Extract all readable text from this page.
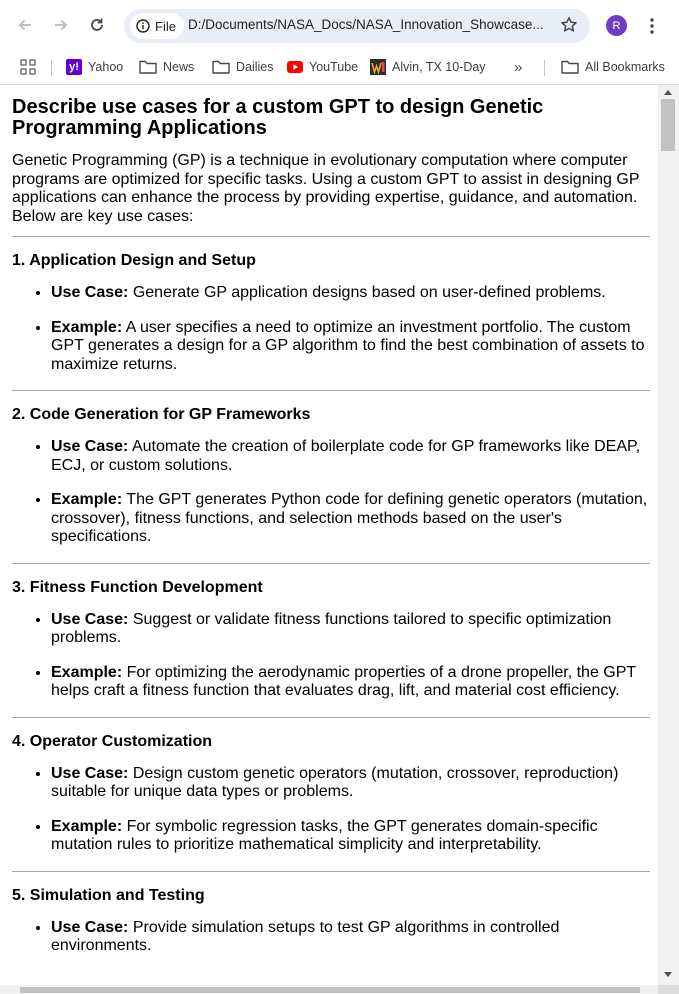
File D:/Documents/NASA_Docs/NASA_Innovation_Showcase...	R
y! Yahoo	News	Dailies	YouTube	Alvin, TX 10-Day »	All Bookmarks
Describe use cases for a custom GPT to design Genetic Programming Applications

Genetic Programming (GP) is a technique in evolutionary computation where computer programs are optimized for specific tasks. Using a custom GPT to assist in designing GP applications can enhance the process by providing expertise, guidance, and automation. Below are key use cases:

1. Application Design and Setup
• Use Case: Generate GP application designs based on user-defined problems.
• Example: A user specifies a need to optimize an investment portfolio. The custom GPT generates a design for a GP algorithm to find the best combination of assets to maximize returns.
2. Code Generation for GP Frameworks
• Use Case: Automate the creation of boilerplate code for GP frameworks like DEAP, ECJ, or custom solutions.
• Example: The GPT generates Python code for defining genetic operators (mutation, crossover), fitness functions, and selection methods based on the user's specifications.
3. Fitness Function Development
• Use Case: Suggest or validate fitness functions tailored to specific optimization problems.
• Example: For optimizing the aerodynamic properties of a drone propeller, the GPT helps craft a fitness function that evaluates drag, lift, and material cost efficiency.
4. Operator Customization
• Use Case: Design custom genetic operators (mutation, crossover, reproduction) suitable for unique data types or problems.
• Example: For symbolic regression tasks, the GPT generates domain-specific mutation rules to prioritize mathematical simplicity and interpretability.
5. Simulation and Testing
• Use Case: Provide simulation setups to test GP algorithms in controlled environments.
